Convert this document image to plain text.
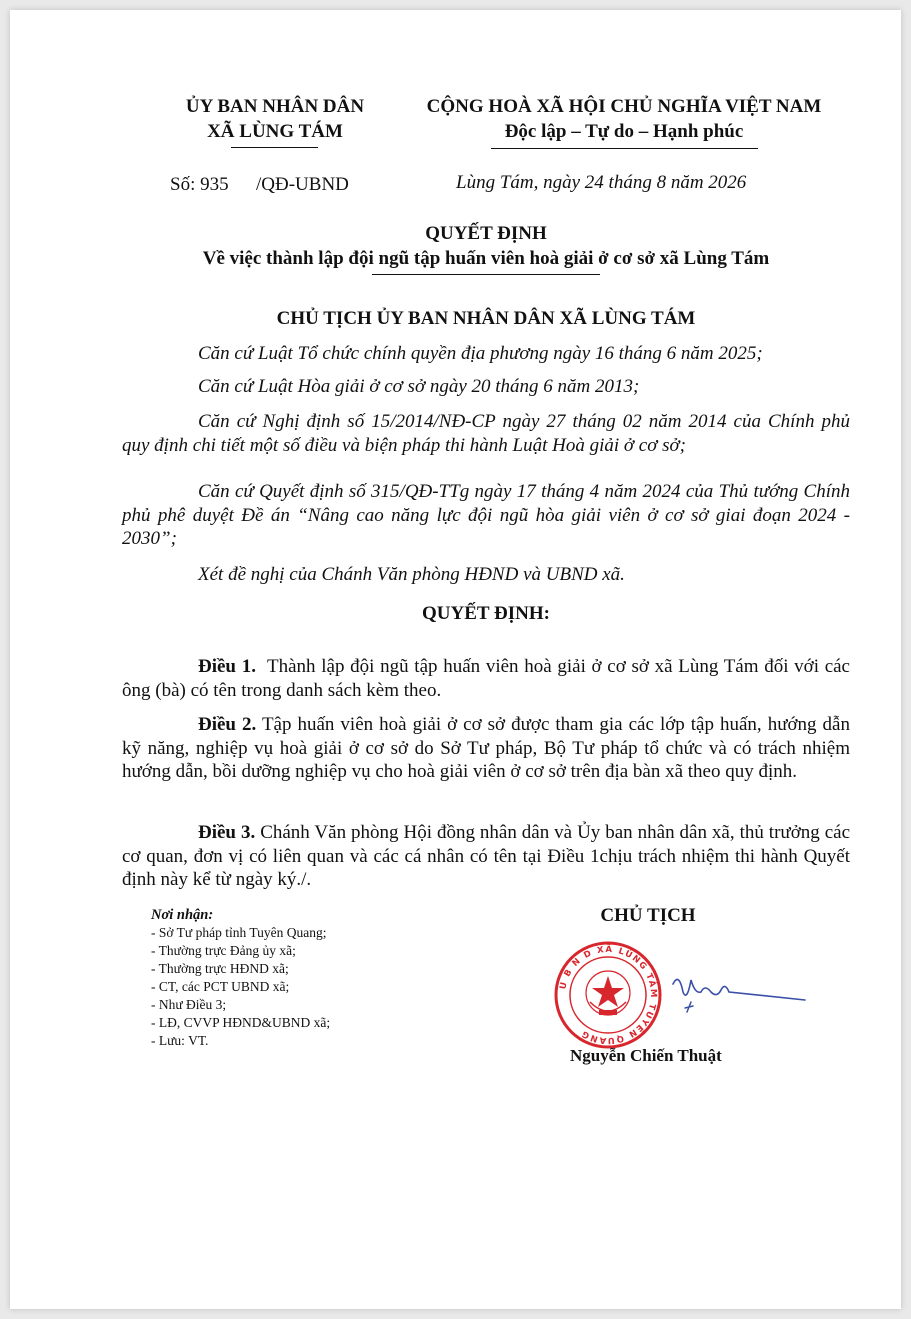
ỦY BAN NHÂN DÂN
XÃ LÙNG TÁM
CỘNG HOÀ XÃ HỘI CHỦ NGHĨA VIỆT NAM
Độc lập – Tự do – Hạnh phúc
Số: 935 /QĐ-UBND	Lùng Tám, ngày 24 tháng 8 năm 2026
QUYẾT ĐỊNH
Về việc thành lập đội ngũ tập huấn viên hoà giải ở cơ sở xã Lùng Tám
CHỦ TỊCH ỦY BAN NHÂN DÂN XÃ LÙNG TÁM
Căn cứ Luật Tổ chức chính quyền địa phương ngày 16 tháng 6 năm 2025;
Căn cứ Luật Hòa giải ở cơ sở ngày 20 tháng 6 năm 2013;
Căn cứ Nghị định số 15/2014/NĐ-CP ngày 27 tháng 02 năm 2014 của Chính phủ quy định chi tiết một số điều và biện pháp thi hành Luật Hoà giải ở cơ sở;
Căn cứ Quyết định số 315/QĐ-TTg ngày 17 tháng 4 năm 2024 của Thủ tướng Chính phủ phê duyệt Đề án “Nâng cao năng lực đội ngũ hòa giải viên ở cơ sở giai đoạn 2024 - 2030”;
Xét đề nghị của Chánh Văn phòng HĐND và UBND xã.
QUYẾT ĐỊNH:
Điều 1. Thành lập đội ngũ tập huấn viên hoà giải ở cơ sở xã Lùng Tám đối với các ông (bà) có tên trong danh sách kèm theo.
Điều 2. Tập huấn viên hoà giải ở cơ sở được tham gia các lớp tập huấn, hướng dẫn kỹ năng, nghiệp vụ hoà giải ở cơ sở do Sở Tư pháp, Bộ Tư pháp tổ chức và có trách nhiệm hướng dẫn, bồi dưỡng nghiệp vụ cho hoà giải viên ở cơ sở trên địa bàn xã theo quy định.
Điều 3. Chánh Văn phòng Hội đồng nhân dân và Ủy ban nhân dân xã, thủ trưởng các cơ quan, đơn vị có liên quan và các cá nhân có tên tại Điều 1chịu trách nhiệm thi hành Quyết định này kể từ ngày ký./.
Nơi nhận:
- Sở Tư pháp tỉnh Tuyên Quang;
- Thường trực Đảng ủy xã;
- Thường trực HĐND xã;
- CT, các PCT UBND xã;
- Như Điều 3;
- LĐ, CVVP HĐND&UBND xã;
- Lưu: VT.
CHỦ TỊCH
U B N D XÃ LÙNG TÁM TUYÊN QUANG
Nguyễn Chiến Thuật
